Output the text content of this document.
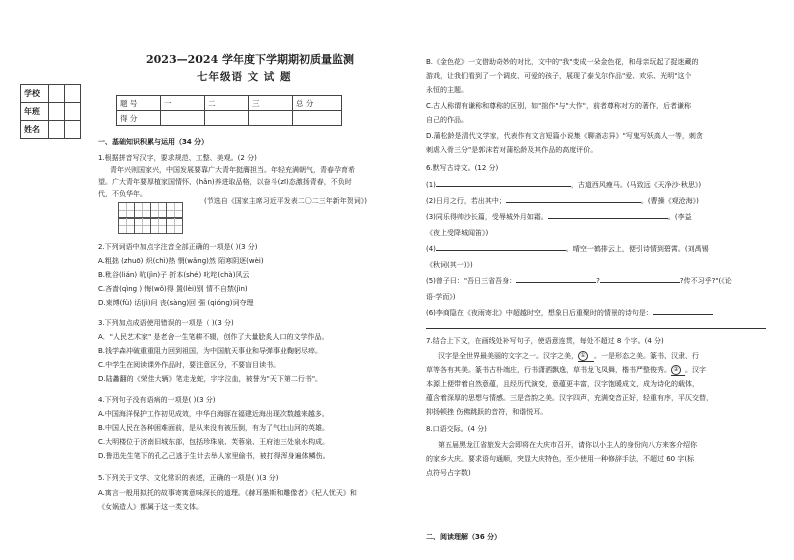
2023—2024 学年度下学期期初质量监测
七年级语 文 试 题
学校		
年班		
姓名		
题 号	一	二	三	总 分
得 分				
一、基础知识积累与运用（34 分）
1.根据拼音写汉字，要求规范、工整、美观。(2 分)
青年兴则国家兴，中国发展要靠广大青年挺膺担当。年轻充满朝气，青春孕育希
望。广大青年要厚植家国情怀、(hǎn)养进取品格，以奋斗(zī)态激扬青春，不负时
代，不负华年。
(节选自《国家主席习近平发表二〇二三年新年贺词》)
2.下列词语中加点字注音全部正确的一项是( )(3 分)
A.粗拙 (zhuō) 炽(chì)热 惘(wǎng)然 陌寒阴逐(wèi)
B.秕谷(lián) 吭(jìn)子 折本(shé) 叱咤(chà)风云
C.吝啬(qìng ) 悔(wǒ)得 置(lèi)别 情不自禁(jìn)
D.束缚(fù) 话(jì)问 丧(sàng)回 强 (qióng)词夺理
3.下列加点成语使用错误的一项是（ )(3 分)
A．"人民艺术家" 是老舍一生笔耕不辍，创作了大量脍炙人口的文学作品。
B.钱学森冲破重重阻力回到祖国，为中国航天事业和导弹事业鞠躬尽瘁。
C.中学生在阅读课外作品时，要注意区分，不要盲目读书。
D.陆蠡翻的《荣佳大辆》笔走龙蛇，宇字泣血，被誉为"天下第二行书"。
4.下列句子没有语病的一项是( )(3 分)
A.中国海洋保护工作初见成效，中华白海豚在福建近海出现次数越来越多。
B.中国人民在各种困难面前，是从来没有被压倒，有为了气壮山河的英雄。
C.大明楼位于济南旧城东部，包括珍珠泉、芙蓉泉、王府池三处泉水构成。
D.鲁迅先生笔下的孔乙己逃于生计去举人家里偷书，被打得浑身遍体鳞伤。
5.下列关于文学、文化常识的表述，正确的一项是( )(3 分)
A.寓言一般用拟托的故事寄寓意味深长的道理。《赫耳墨斯和雕像者》《杞人忧天》和
《女娲造人》都属于这一类文体。
B.《金色花》一文借助奇妙的对比，文中的"我"变成一朵金色花，和母亲玩起了捉迷藏的
游戏，让我们看到了一个调皮、可爱的孩子，展现了泰戈尔作品"爱、欢乐、光明"这个
永恒的主题。
C.古人称谓有谦称和尊称的区别，如"拙作"与"大作"，前者尊称对方的著作，后者谦称
自己的作品。
D.蒲松龄是清代文学家，代表作有文言短篇小说集《聊斋志异》"写鬼写妖高人一等，刺贪
刺虐入骨三分"是郭沫若对蒲松龄及其作品的高度评价。
6.默写古诗文。(12 分)
(1)	，古道西风瘦马。(马致远《天净沙·秋思》)
(2)日月之行，若出其中；	。(曹操《观沧海》)
(3)同乐得帅沙长篇，受辱城外月如霜。	。(李益
《夜上受降城闻笛》)
(4)	。晴空一鹤排云上，便引诗情到碧霄。(刘禹锡
《秋词(其一)》)
(5)曾子曰："吾日三省吾身：	?	?传不习乎?"(《论
语·学而》)
(6)李商隐在《夜雨寄北》中超越时空，想象日后重聚时的情景的诗句是：
7.结合上下文，在画线处补写句子，使语意连贯，每处不超过 8 个字。(4 分)
汉字是全世界最美丽的文字之一。汉字之美， ① 。一是形态之美。篆书、汉隶、行
草等各有其美。篆书古朴端庄，行书潇洒飘逸，草书龙飞凤舞，楷书严整俊秀。 ② 。汉字
本源上便带着自然意蕴，且经历代演变，意蕴更丰富，汉字饱暖成文，成为诗化的载体，
蕴含着深厚的思想与情感。三是音韵之美。汉字四声，充满变音正好，轻重有序，平仄交替，
抑扬顿挫 伤佛跳跃的音符，和谐悦耳。
8.口语交际。(4 分)
第五届黑龙江省旅发大会即将在大庆市召开，请你以小主人的身份向八方来客介绍你
的家乡大庆。要求语句通顺，突显大庆特色，至少使用一种修辞手法，不超过 60 字(标
点符号占字数)
二、阅读理解（36 分）
